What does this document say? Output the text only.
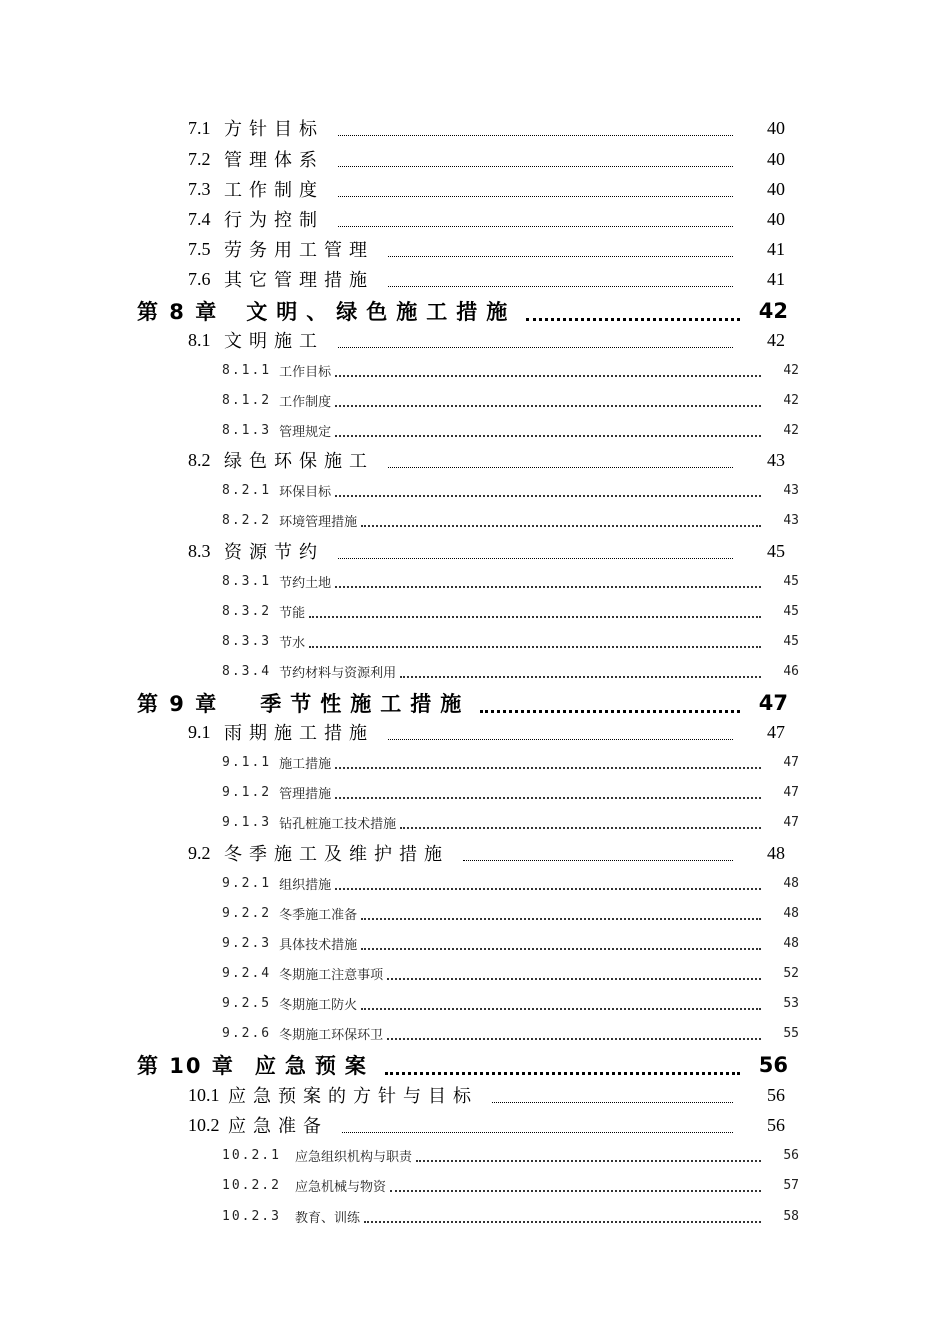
7.1 方针目标	40
7.2 管理体系	40
7.3 工作制度	40
7.4 行为控制	40
7.5 劳务用工管理	41
7.6 其它管理措施	41
第 8 章 文明、绿色施工措施	42
8.1 文明施工	42
8.1.1 工作目标	42
8.1.2 工作制度	42
8.1.3 管理规定	42
8.2 绿色环保施工	43
8.2.1 环保目标	43
8.2.2 环境管理措施	43
8.3 资源节约	45
8.3.1 节约土地	45
8.3.2 节能	45
8.3.3 节水	45
8.3.4 节约材料与资源利用	46
第 9 章 季节性施工措施	47
9.1 雨期施工措施	47
9.1.1 施工措施	47
9.1.2 管理措施	47
9.1.3 钻孔桩施工技术措施	47
9.2 冬季施工及维护措施	48
9.2.1 组织措施	48
9.2.2 冬季施工准备	48
9.2.3 具体技术措施	48
9.2.4 冬期施工注意事项	52
9.2.5 冬期施工防火	53
9.2.6 冬期施工环保环卫	55
第 10 章 应急预案	56
10.1 应急预案的方针与目标	56
10.2 应急准备	56
10.2.1 应急组织机构与职责	56
10.2.2 应急机械与物资	57
10.2.3 教育、训练	58
